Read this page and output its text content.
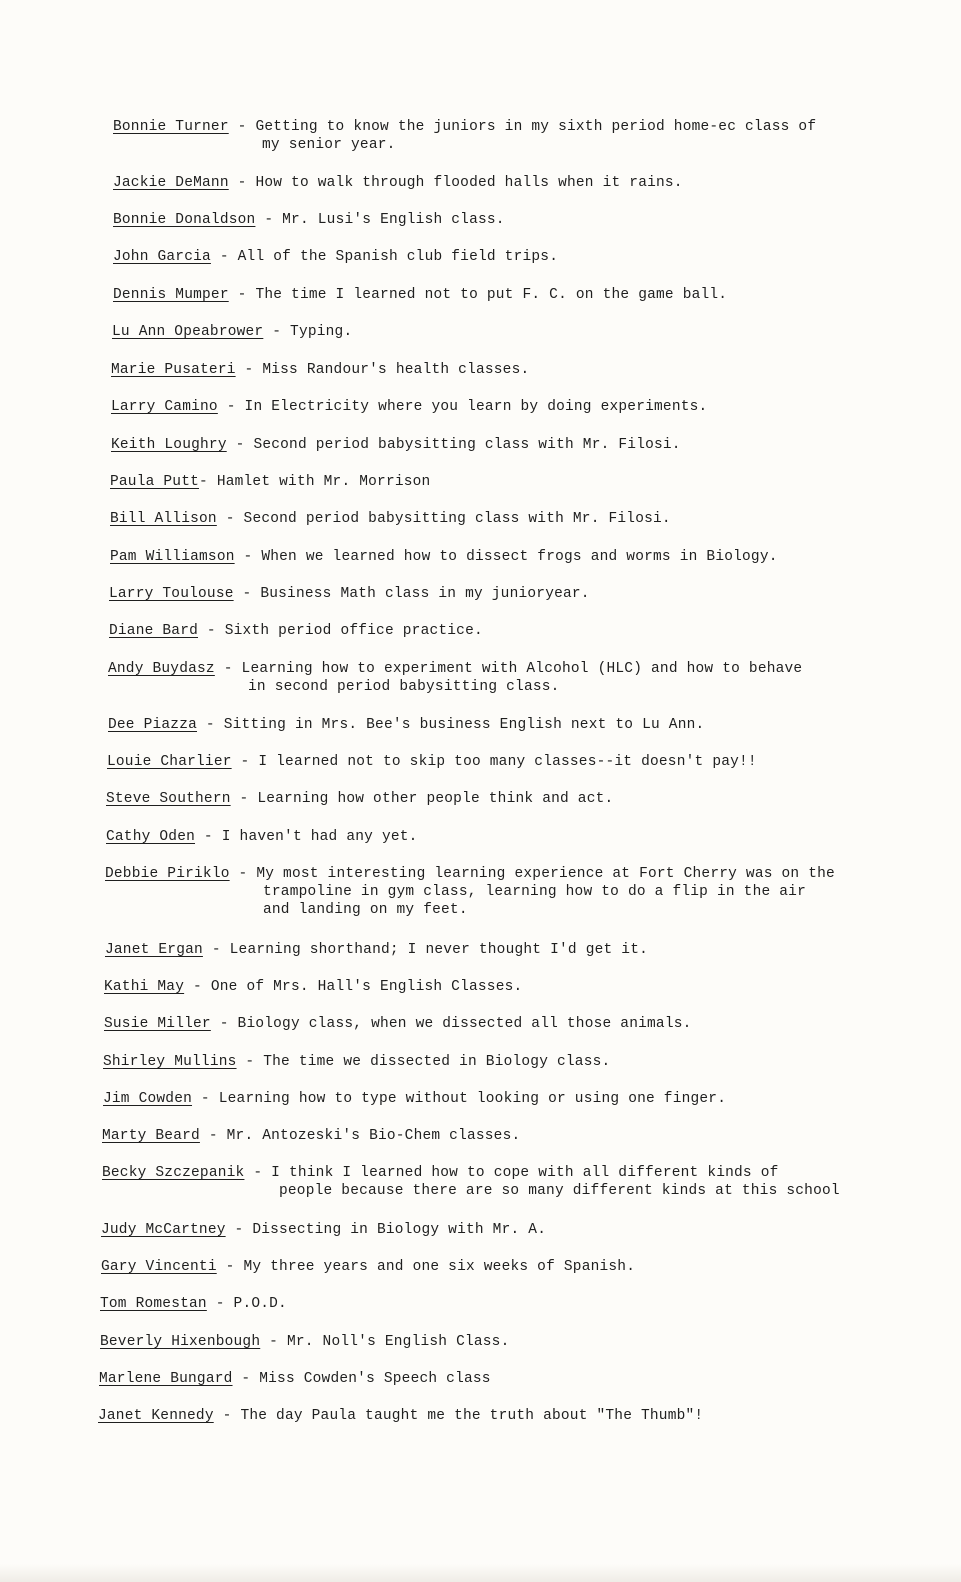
Bonnie Turner - Getting to know the juniors in my sixth period home-ec class of
my senior year.
Jackie DeMann - How to walk through flooded halls when it rains.
Bonnie Donaldson - Mr. Lusi's English class.
John Garcia - All of the Spanish club field trips.
Dennis Mumper - The time I learned not to put F. C. on the game ball.
Lu Ann Opeabrower - Typing.
Marie Pusateri - Miss Randour's health classes.
Larry Camino - In Electricity where you learn by doing experiments.
Keith Loughry - Second period babysitting class with Mr. Filosi.
Paula Putt- Hamlet with Mr. Morrison
Bill Allison - Second period babysitting class with Mr. Filosi.
Pam Williamson - When we learned how to dissect frogs and worms in Biology.
Larry Toulouse - Business Math class in my junioryear.
Diane Bard - Sixth period office practice.
Andy Buydasz - Learning how to experiment with Alcohol (HLC) and how to behave
in second period babysitting class.
Dee Piazza - Sitting in Mrs. Bee's business English next to Lu Ann.
Louie Charlier - I learned not to skip too many classes--it doesn't pay!!
Steve Southern - Learning how other people think and act.
Cathy Oden - I haven't had any yet.
Debbie Piriklo - My most interesting learning experience at Fort Cherry was on the
trampoline in gym class, learning how to do a flip in the air
and landing on my feet.
Janet Ergan - Learning shorthand; I never thought I'd get it.
Kathi May - One of Mrs. Hall's English Classes.
Susie Miller - Biology class, when we dissected all those animals.
Shirley Mullins - The time we dissected in Biology class.
Jim Cowden - Learning how to type without looking or using one finger.
Marty Beard - Mr. Antozeski's Bio-Chem classes.
Becky Szczepanik - I think I learned how to cope with all different kinds of
people because there are so many different kinds at this school
Judy McCartney - Dissecting in Biology with Mr. A.
Gary Vincenti - My three years and one six weeks of Spanish.
Tom Romestan - P.O.D.
Beverly Hixenbough - Mr. Noll's English Class.
Marlene Bungard - Miss Cowden's Speech class
Janet Kennedy - The day Paula taught me the truth about "The Thumb"!
